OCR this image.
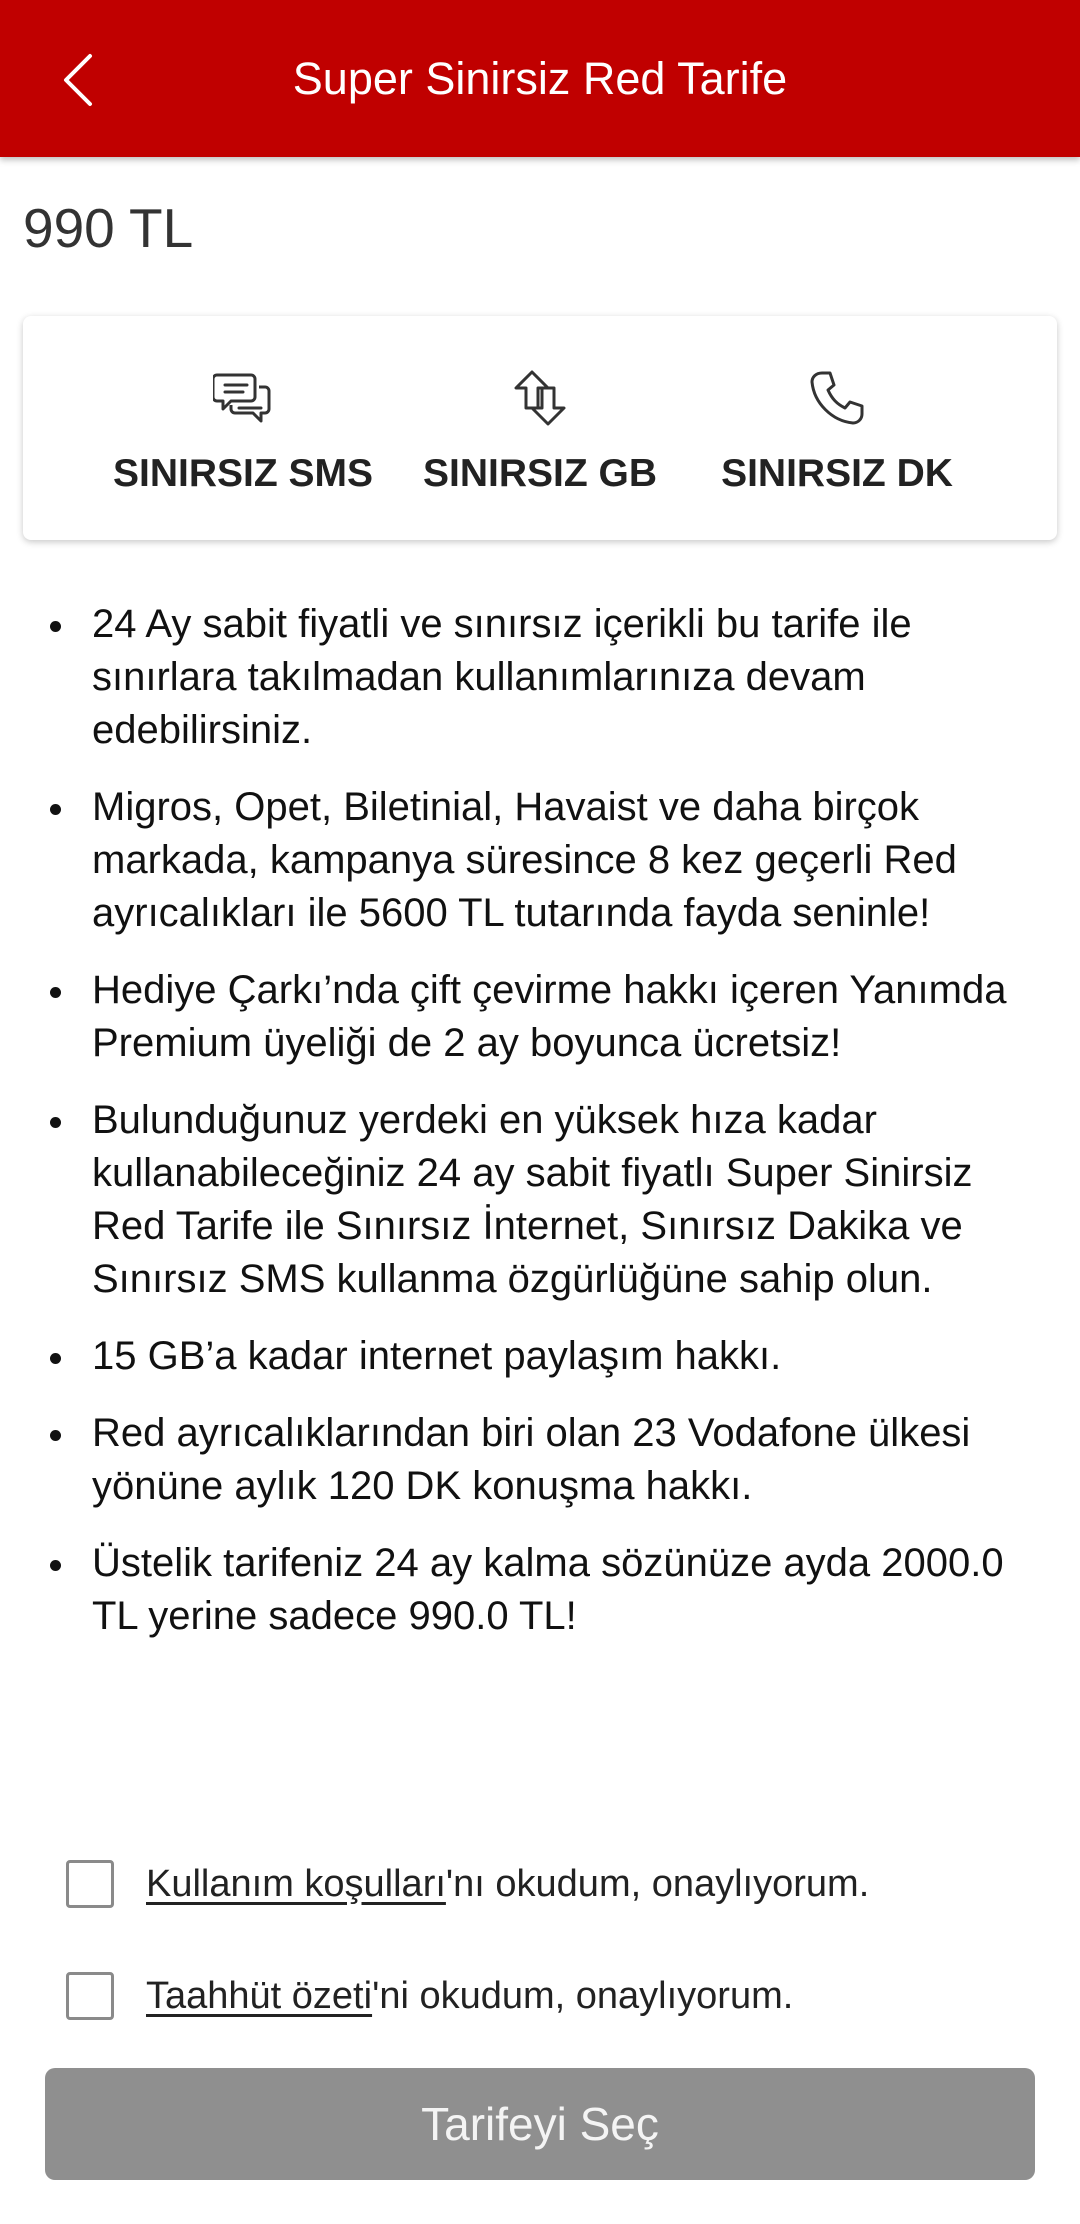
Super Sinirsiz Red Tarife
990 TL
SINIRSIZ SMS SINIRSIZ GB SINIRSIZ DK
24 Ay sabit fiyatli ve sınırsız içerikli bu tarife ile sınırlara takılmadan kullanımlarınıza devam edebilirsiniz.
Migros, Opet, Biletinial, Havaist ve daha birçok markada, kampanya süresince 8 kez geçerli Red ayrıcalıkları ile 5600 TL tutarında fayda seninle!
Hediye Çarkı’nda çift çevirme hakkı içeren Yanımda Premium üyeliği de 2 ay boyunca ücretsiz!
Bulunduğunuz yerdeki en yüksek hıza kadar kullanabileceğiniz 24 ay sabit fiyatlı Super Sinirsiz Red Tarife ile Sınırsız İnternet, Sınırsız Dakika ve Sınırsız SMS kullanma özgürlüğüne sahip olun.
15 GB’a kadar internet paylaşım hakkı.
Red ayrıcalıklarından biri olan 23 Vodafone ülkesi yönüne aylık 120 DK konuşma hakkı.
Üstelik tarifeniz 24 ay kalma sözünüze ayda 2000.0 TL yerine sadece 990.0 TL!
Kullanım koşulları'nı okudum, onaylıyorum.
Taahhüt özeti'ni okudum, onaylıyorum.
Tarifeyi Seç
